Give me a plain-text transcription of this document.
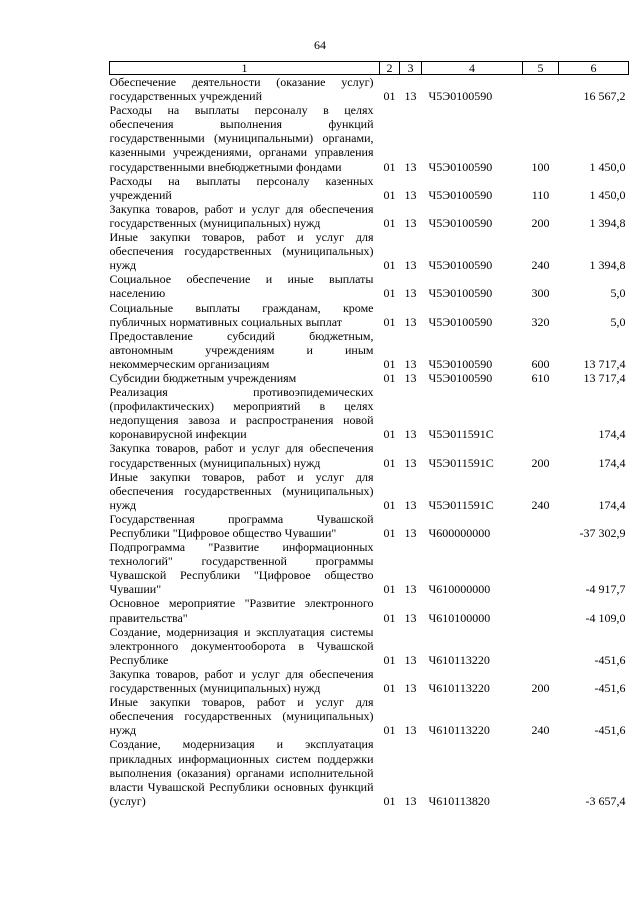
64
1	2	3	4	5	6
Обеспечение деятельности (оказание услуг) государственных учреждений	01	13	Ч5Э0100590		16 567,2
Расходы на выплаты персоналу в целях обеспечения выполнения функций государственными (муниципальными) органами, казенными учреждениями, органами управления государственными внебюджетными фондами	01	13	Ч5Э0100590	100	1 450,0
Расходы на выплаты персоналу казенных учреждений	01	13	Ч5Э0100590	110	1 450,0
Закупка товаров, работ и услуг для обеспечения государственных (муниципальных) нужд	01	13	Ч5Э0100590	200	1 394,8
Иные закупки товаров, работ и услуг для обеспечения государственных (муниципальных) нужд	01	13	Ч5Э0100590	240	1 394,8
Социальное обеспечение и иные выплаты населению	01	13	Ч5Э0100590	300	5,0
Социальные выплаты гражданам, кроме публичных нормативных социальных выплат	01	13	Ч5Э0100590	320	5,0
Предоставление субсидий бюджетным, автономным учреждениям и иным некоммерческим организациям	01	13	Ч5Э0100590	600	13 717,4
Субсидии бюджетным учреждениям	01	13	Ч5Э0100590	610	13 717,4
Реализация противоэпидемических (профилактических) мероприятий в целях недопущения завоза и распространения новой коронавирусной инфекции	01	13	Ч5Э011591С		174,4
Закупка товаров, работ и услуг для обеспечения государственных (муниципальных) нужд	01	13	Ч5Э011591С	200	174,4
Иные закупки товаров, работ и услуг для обеспечения государственных (муниципальных) нужд	01	13	Ч5Э011591С	240	174,4
Государственная программа Чувашской Республики "Цифровое общество Чувашии"	01	13	Ч600000000		-37 302,9
Подпрограмма "Развитие информационных технологий" государственной программы Чувашской Республики "Цифровое общество Чувашии"	01	13	Ч610000000		-4 917,7
Основное мероприятие "Развитие электронного правительства"	01	13	Ч610100000		-4 109,0
Создание, модернизация и эксплуатация системы электронного документооборота в Чувашской Республике	01	13	Ч610113220		-451,6
Закупка товаров, работ и услуг для обеспечения государственных (муниципальных) нужд	01	13	Ч610113220	200	-451,6
Иные закупки товаров, работ и услуг для обеспечения государственных (муниципальных) нужд	01	13	Ч610113220	240	-451,6
Создание, модернизация и эксплуатация прикладных информационных систем поддержки выполнения (оказания) органами исполнительной власти Чувашской Республики основных функций (услуг)	01	13	Ч610113820		-3 657,4
